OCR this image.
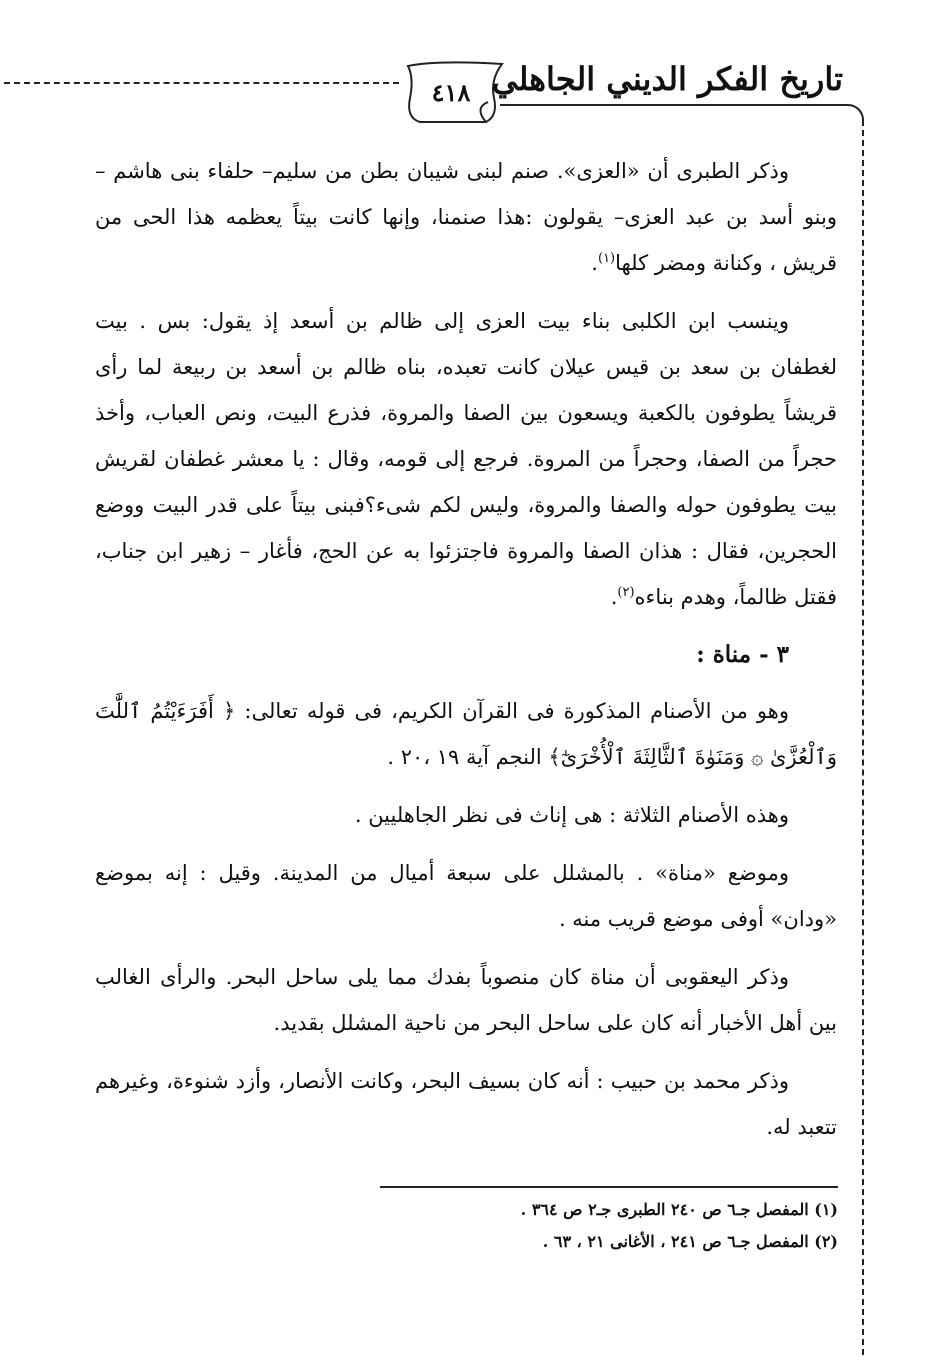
٤١٨ تاريخ الفكر الديني الجاهلي

وذكر الطبرى أن «العزى». صنم لبنى شيبان بطن من سليم– حلفاء بنى هاشم – وبنو أسد بن عبد العزى– يقولون :هذا صنمنا، وإنها كانت بيتاً يعظمه هذا الحى من قريش ، وكنانة ومضر كلها$^{(١)}$.

وينسب ابن الكلبى بناء بيت العزى إلى ظالم بن أسعد إذ يقول: بس . بيت لغطفان بن سعد بن قيس عيلان كانت تعبده، بناه ظالم بن أسعد بن ربيعة لما رأى قريشاً يطوفون بالكعبة ويسعون بين الصفا والمروة، فذرع البيت، ونص العباب، وأخذ حجراً من الصفا، وحجراً من المروة. فرجع إلى قومه، وقال : يا معشر غطفان لقريش بيت يطوفون حوله والصفا والمروة، وليس لكم شىء؟فبنى بيتاً على قدر البيت ووضع الحجرين، فقال : هذان الصفا والمروة فاجتزئوا به عن الحج، فأغار – زهير ابن جناب، فقتل ظالماً، وهدم بناءه$^{(٢)}$.

٣ - مناة :

وهو من الأصنام المذكورة فى القرآن الكريم، فى قوله تعالى: ﴿ أَفَرَءَيْتُمُ ٱللَّٰتَ وَٱلْعُزَّىٰ ۞ وَمَنَوٰةَ ٱلثَّالِثَةَ ٱلْأُخْرَىٰٓ﴾ النجم آية ١٩ ،٢٠ .

وهذه الأصنام الثلاثة : هى إناث فى نظر الجاهليين .

وموضع «مناة» . بالمشلل على سبعة أميال من المدينة. وقيل : إنه بموضع «ودان» أوفى موضع قريب منه .

وذكر اليعقوبى أن مناة كان منصوباً بفدك مما يلى ساحل البحر. والرأى الغالب بين أهل الأخبار أنه كان على ساحل البحر من ناحية المشلل بقديد.

وذكر محمد بن حبيب : أنه كان بسيف البحر، وكانت الأنصار، وأزد شنوءة، وغيرهم تتعبد له.

(١) المفصل جـ٦ ص ٢٤٠ الطبرى جـ٢ ص ٣٦٤ .
(٢) المفصل جـ٦ ص ٢٤١ ، الأغانى ٢١ ، ٦٣ .
